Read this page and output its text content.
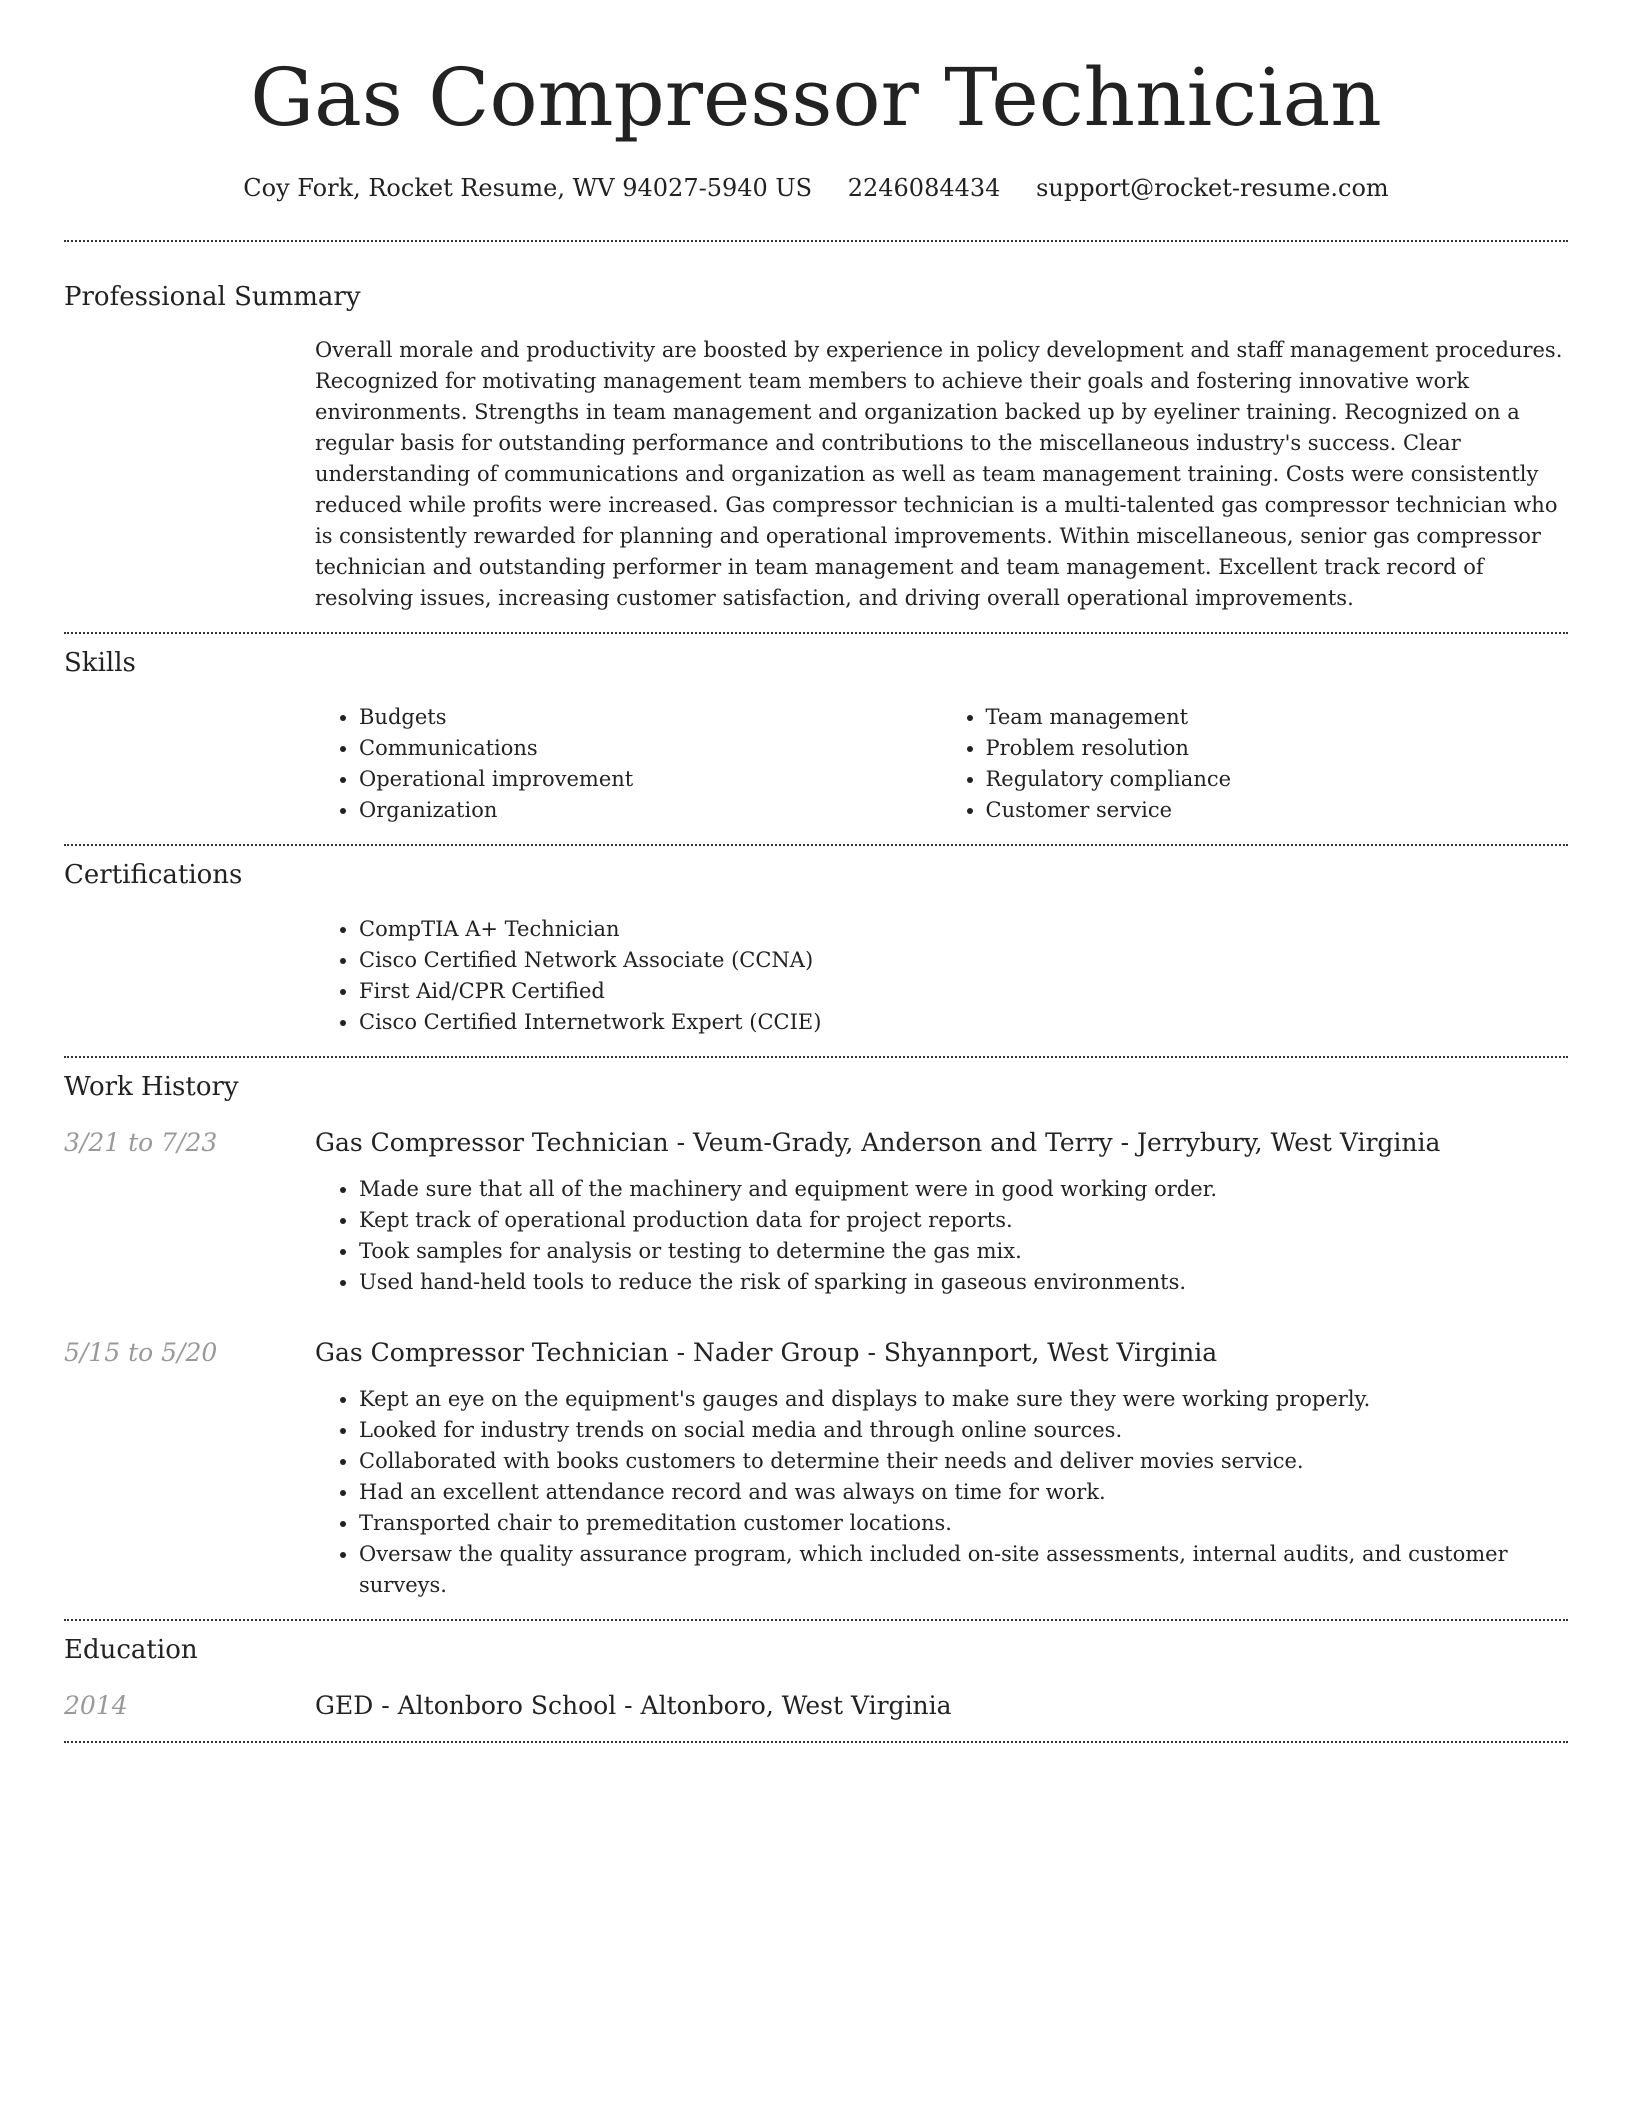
Gas Compressor Technician
Coy Fork, Rocket Resume, WV 94027-5940 US 2246084434 support@rocket-resume.com
Professional Summary

Overall morale and productivity are boosted by experience in policy development and staff management procedures. Recognized for motivating management team members to achieve their goals and fostering innovative work environments. Strengths in team management and organization backed up by eyeliner training. Recognized on a regular basis for outstanding performance and contributions to the miscellaneous industry's success. Clear understanding of communications and organization as well as team management training. Costs were consistently reduced while profits were increased. Gas compressor technician is a multi-talented gas compressor technician who is consistently rewarded for planning and operational improvements. Within miscellaneous, senior gas compressor technician and outstanding performer in team management and team management. Excellent track record of resolving issues, increasing customer satisfaction, and driving overall operational improvements.

Skills
• Budgets
• Communications
• Operational improvement
• Organization
• Team management
• Problem resolution
• Regulatory compliance
• Customer service
Certifications
• CompTIA A+ Technician
• Cisco Certified Network Associate (CCNA)
• First Aid/CPR Certified
• Cisco Certified Internetwork Expert (CCIE)
Work History
3/21 to 7/23	Gas Compressor Technician - Veum-Grady, Anderson and Terry - Jerrybury, West Virginia
• Made sure that all of the machinery and equipment were in good working order.
• Kept track of operational production data for project reports.
• Took samples for analysis or testing to determine the gas mix.
• Used hand-held tools to reduce the risk of sparking in gaseous environments.
5/15 to 5/20	Gas Compressor Technician - Nader Group - Shyannport, West Virginia
• Kept an eye on the equipment's gauges and displays to make sure they were working properly.
• Looked for industry trends on social media and through online sources.
• Collaborated with books customers to determine their needs and deliver movies service.
• Had an excellent attendance record and was always on time for work.
• Transported chair to premeditation customer locations.
• Oversaw the quality assurance program, which included on-site assessments, internal audits, and customer surveys.
Education
2014	GED - Altonboro School - Altonboro, West Virginia
